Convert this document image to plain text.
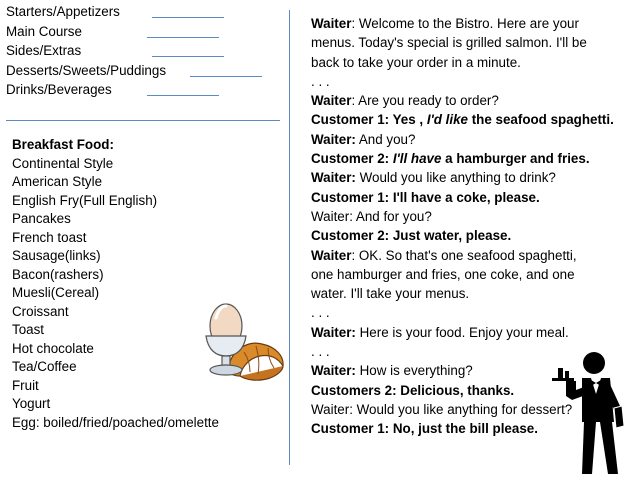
Starters/Appetizers
Main Course
Sides/Extras
Desserts/Sweets/Puddings
Drinks/Beverages
Breakfast Food:
Continental Style
American Style
English Fry(Full English)
Pancakes
French toast
Sausage(links)
Bacon(rashers)
Muesli(Cereal)
Croissant
Toast
Hot chocolate
Tea/Coffee
Fruit
Yogurt
Egg: boiled/fried/poached/omelette
Waiter: Welcome to the Bistro. Here are your
menus. Today's special is grilled salmon. I'll be
back to take your order in a minute.
. . .
Waiter: Are you ready to order?
Customer 1: Yes , I'd like the seafood spaghetti.
Waiter: And you?
Customer 2: I'll have a hamburger and fries.
Waiter: Would you like anything to drink?
Customer 1: I'll have a coke, please.
Waiter: And for you?
Customer 2: Just water, please.
Waiter: OK. So that's one seafood spaghetti,
one hamburger and fries, one coke, and one
water. I'll take your menus.
. . .
Waiter: Here is your food. Enjoy your meal.
. . .
Waiter: How is everything?
Customers 2: Delicious, thanks.
Waiter: Would you like anything for dessert?
Customer 1: No, just the bill please.
